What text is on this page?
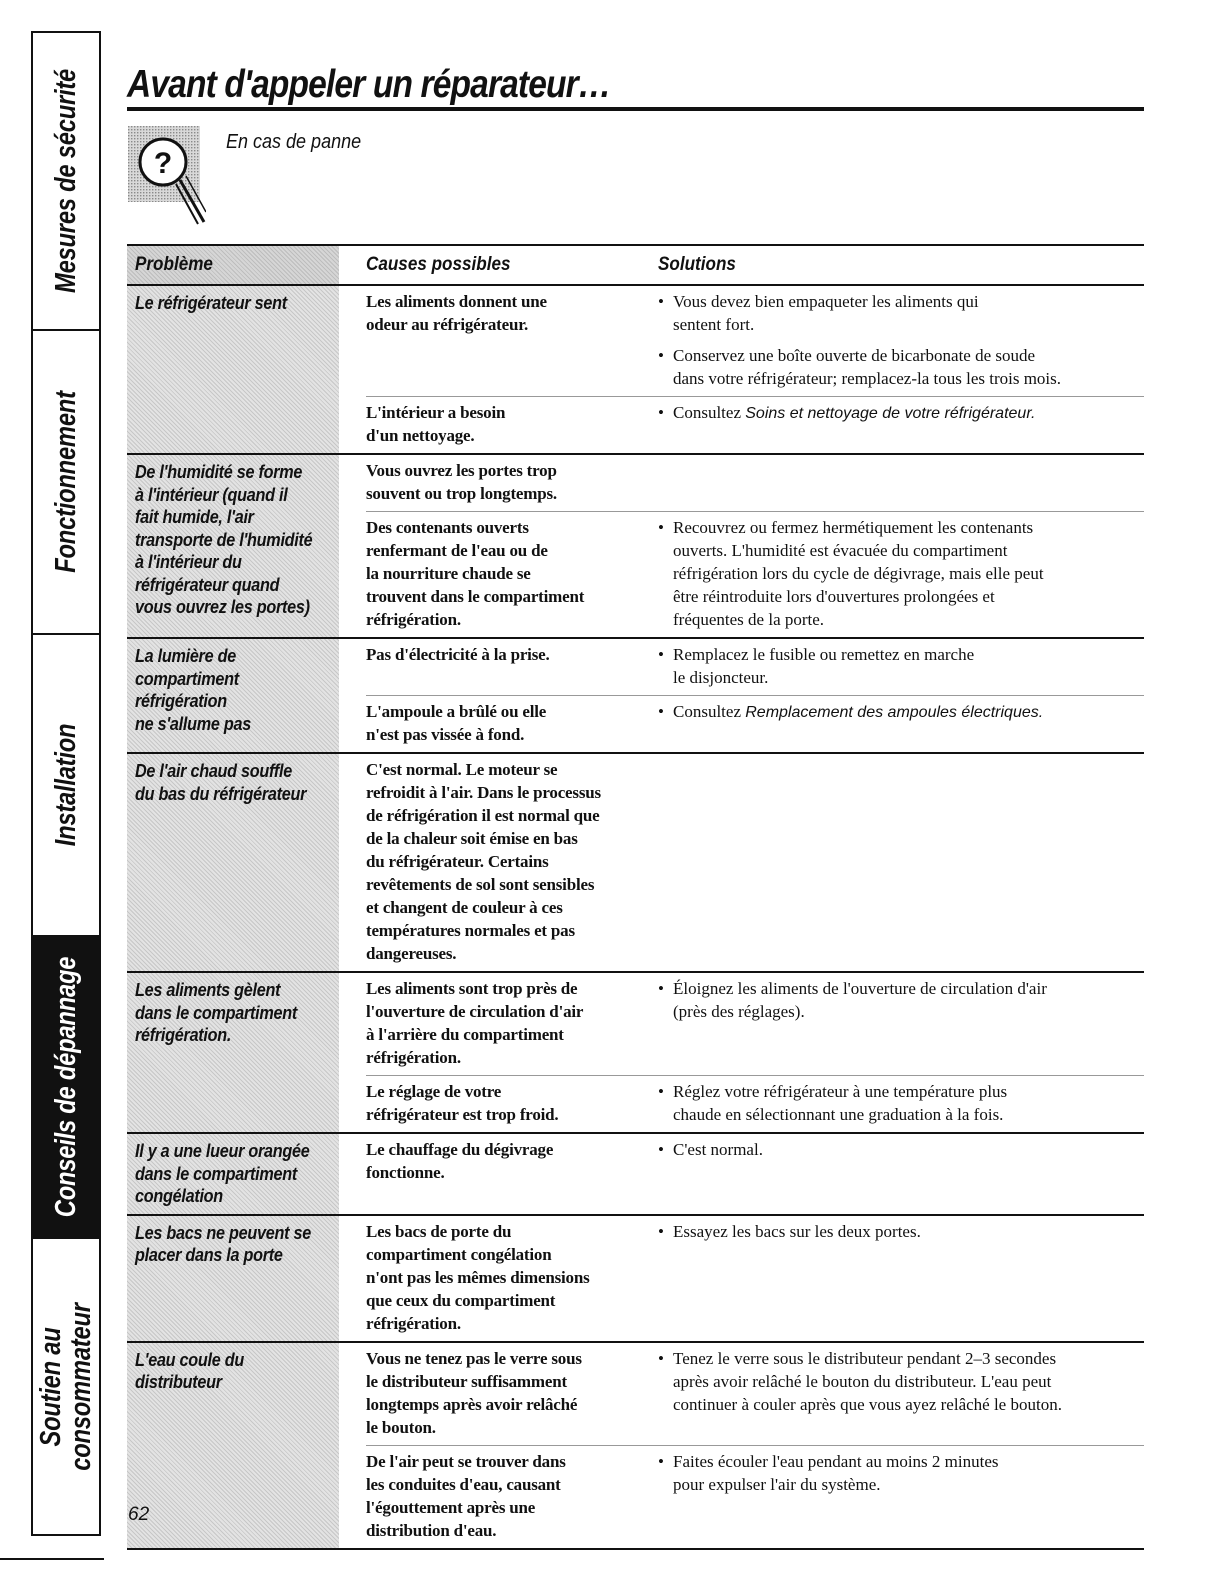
Mesures de sécurité
Fonctionnement
Installation
Conseils de dépannage
Soutien au
consommateur
Avant d'appeler un réparateur…
?
En cas de panne
Problème	Causes possibles	Solutions
Le réfrigérateur sent	Les aliments donnent une
odeur au réfrigérateur.
• Vous devez bien empaqueter les aliments qui
sentent fort.
• Conservez une boîte ouverte de bicarbonate de soude
dans votre réfrigérateur; remplacez-la tous les trois mois.
L'intérieur a besoin
d'un nettoyage.
• Consultez Soins et nettoyage de votre réfrigérateur.
De l'humidité se forme
à l'intérieur (quand il
fait humide, l'air
transporte de l'humidité
à l'intérieur du
réfrigérateur quand
vous ouvrez les portes)
Vous ouvrez les portes trop
souvent ou trop longtemps.
Des contenants ouverts
renfermant de l'eau ou de
la nourriture chaude se
trouvent dans le compartiment
réfrigération.
• Recouvrez ou fermez hermétiquement les contenants
ouverts. L'humidité est évacuée du compartiment
réfrigération lors du cycle de dégivrage, mais elle peut
être réintroduite lors d'ouvertures prolongées et
fréquentes de la porte.
La lumière de
compartiment
réfrigération
ne s'allume pas
Pas d'électricité à la prise.
•	Remplacez le fusible ou remettez en marche
le disjoncteur.
L'ampoule a brûlé ou elle
n'est pas vissée à fond.
• Consultez Remplacement des ampoules électriques.
De l'air chaud souffle
du bas du réfrigérateur
C'est normal. Le moteur se
refroidit à l'air. Dans le processus
de réfrigération il est normal que
de la chaleur soit émise en bas
du réfrigérateur. Certains
revêtements de sol sont sensibles
et changent de couleur à ces
températures normales et pas
dangereuses.
Les aliments gèlent
dans le compartiment
réfrigération.
Les aliments sont trop près de
l'ouverture de circulation d'air
à l'arrière du compartiment
réfrigération.
• Éloignez les aliments de l'ouverture de circulation d'air
(près des réglages).
Le réglage de votre
réfrigérateur est trop froid.
• Réglez votre réfrigérateur à une température plus
chaude en sélectionnant une graduation à la fois.
Il y a une lueur orangée
dans le compartiment
congélation
Le chauffage du dégivrage
fonctionne.
• C'est normal.
Les bacs ne peuvent se
placer dans la porte
Les bacs de porte du
compartiment congélation
n'ont pas les mêmes dimensions
que ceux du compartiment
réfrigération.
• Essayez les bacs sur les deux portes.
L'eau coule du
distributeur
Vous ne tenez pas le verre sous
le distributeur suffisamment
longtemps après avoir relâché
le bouton.
• Tenez le verre sous le distributeur pendant 2–3 secondes
après avoir relâché le bouton du distributeur. L'eau peut
continuer à couler après que vous ayez relâché le bouton.
De l'air peut se trouver dans
les conduites d'eau, causant
l'égouttement après une
distribution d'eau.
• Faites écouler l'eau pendant au moins 2 minutes
pour expulser l'air du système.
62
